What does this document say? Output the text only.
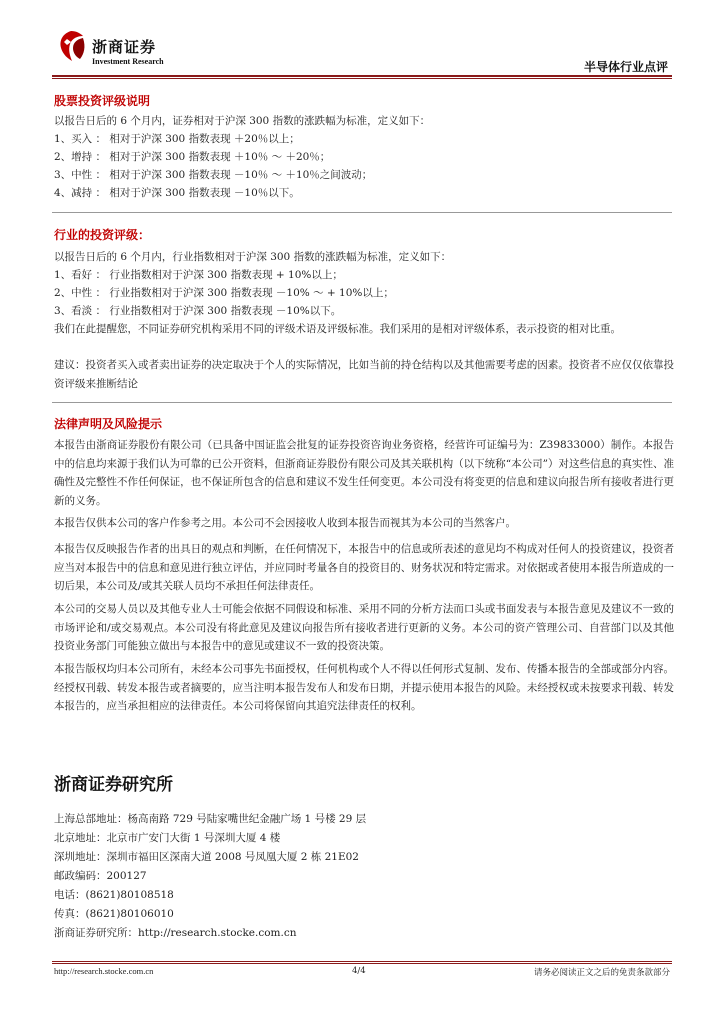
浙商证券
Investment Research	半导体行业点评
股票投资评级说明
以报告日后的 6 个月内，证券相对于沪深 300 指数的涨跌幅为标准，定义如下：
1、买入 ： 相对于沪深 300 指数表现 ＋20％以上；
2、增持 ： 相对于沪深 300 指数表现 ＋10％ ～ ＋20％；
3、中性 ： 相对于沪深 300 指数表现 －10％ ～ ＋10％之间波动；
4、减持 ： 相对于沪深 300 指数表现 －10％以下。
行业的投资评级：
以报告日后的 6 个月内，行业指数相对于沪深 300 指数的涨跌幅为标准，定义如下：
1、看好 ： 行业指数相对于沪深 300 指数表现 + 10%以上；
2、中性 ： 行业指数相对于沪深 300 指数表现 －10% ～ + 10%以上；
3、看淡 ： 行业指数相对于沪深 300 指数表现 －10%以下。
我们在此提醒您，不同证券研究机构采用不同的评级术语及评级标准。我们采用的是相对评级体系，表示投资的相对比重。
建议：投资者买入或者卖出证券的决定取决于个人的实际情况，比如当前的持仓结构以及其他需要考虑的因素。投资者不应仅仅依靠投资评级来推断结论
法律声明及风险提示
本报告由浙商证券股份有限公司（已具备中国证监会批复的证券投资咨询业务资格，经营许可证编号为：Z39833000）制作。本报告中的信息均来源于我们认为可靠的已公开资料，但浙商证券股份有限公司及其关联机构（以下统称“本公司”）对这些信息的真实性、准确性及完整性不作任何保证，也不保证所包含的信息和建议不发生任何变更。本公司没有将变更的信息和建议向报告所有接收者进行更新的义务。
本报告仅供本公司的客户作参考之用。本公司不会因接收人收到本报告而视其为本公司的当然客户。
本报告仅反映报告作者的出具日的观点和判断，在任何情况下，本报告中的信息或所表述的意见均不构成对任何人的投资建议，投资者应当对本报告中的信息和意见进行独立评估，并应同时考量各自的投资目的、财务状况和特定需求。对依据或者使用本报告所造成的一切后果，本公司及/或其关联人员均不承担任何法律责任。
本公司的交易人员以及其他专业人士可能会依据不同假设和标准、采用不同的分析方法而口头或书面发表与本报告意见及建议不一致的市场评论和/或交易观点。本公司没有将此意见及建议向报告所有接收者进行更新的义务。本公司的资产管理公司、自营部门以及其他投资业务部门可能独立做出与本报告中的意见或建议不一致的投资决策。
本报告版权均归本公司所有，未经本公司事先书面授权，任何机构或个人不得以任何形式复制、发布、传播本报告的全部或部分内容。经授权刊载、转发本报告或者摘要的，应当注明本报告发布人和发布日期，并提示使用本报告的风险。未经授权或未按要求刊载、转发本报告的，应当承担相应的法律责任。本公司将保留向其追究法律责任的权利。
浙商证券研究所
上海总部地址：杨高南路 729 号陆家嘴世纪金融广场 1 号楼 29 层
北京地址：北京市广安门大街 1 号深圳大厦 4 楼
深圳地址：深圳市福田区深南大道 2008 号凤凰大厦 2 栋 21E02
邮政编码：200127
电话：(8621)80108518
传真：(8621)80106010
浙商证券研究所：http://research.stocke.com.cn
http://research.stocke.com.cn	4/4	请务必阅读正文之后的免责条款部分
